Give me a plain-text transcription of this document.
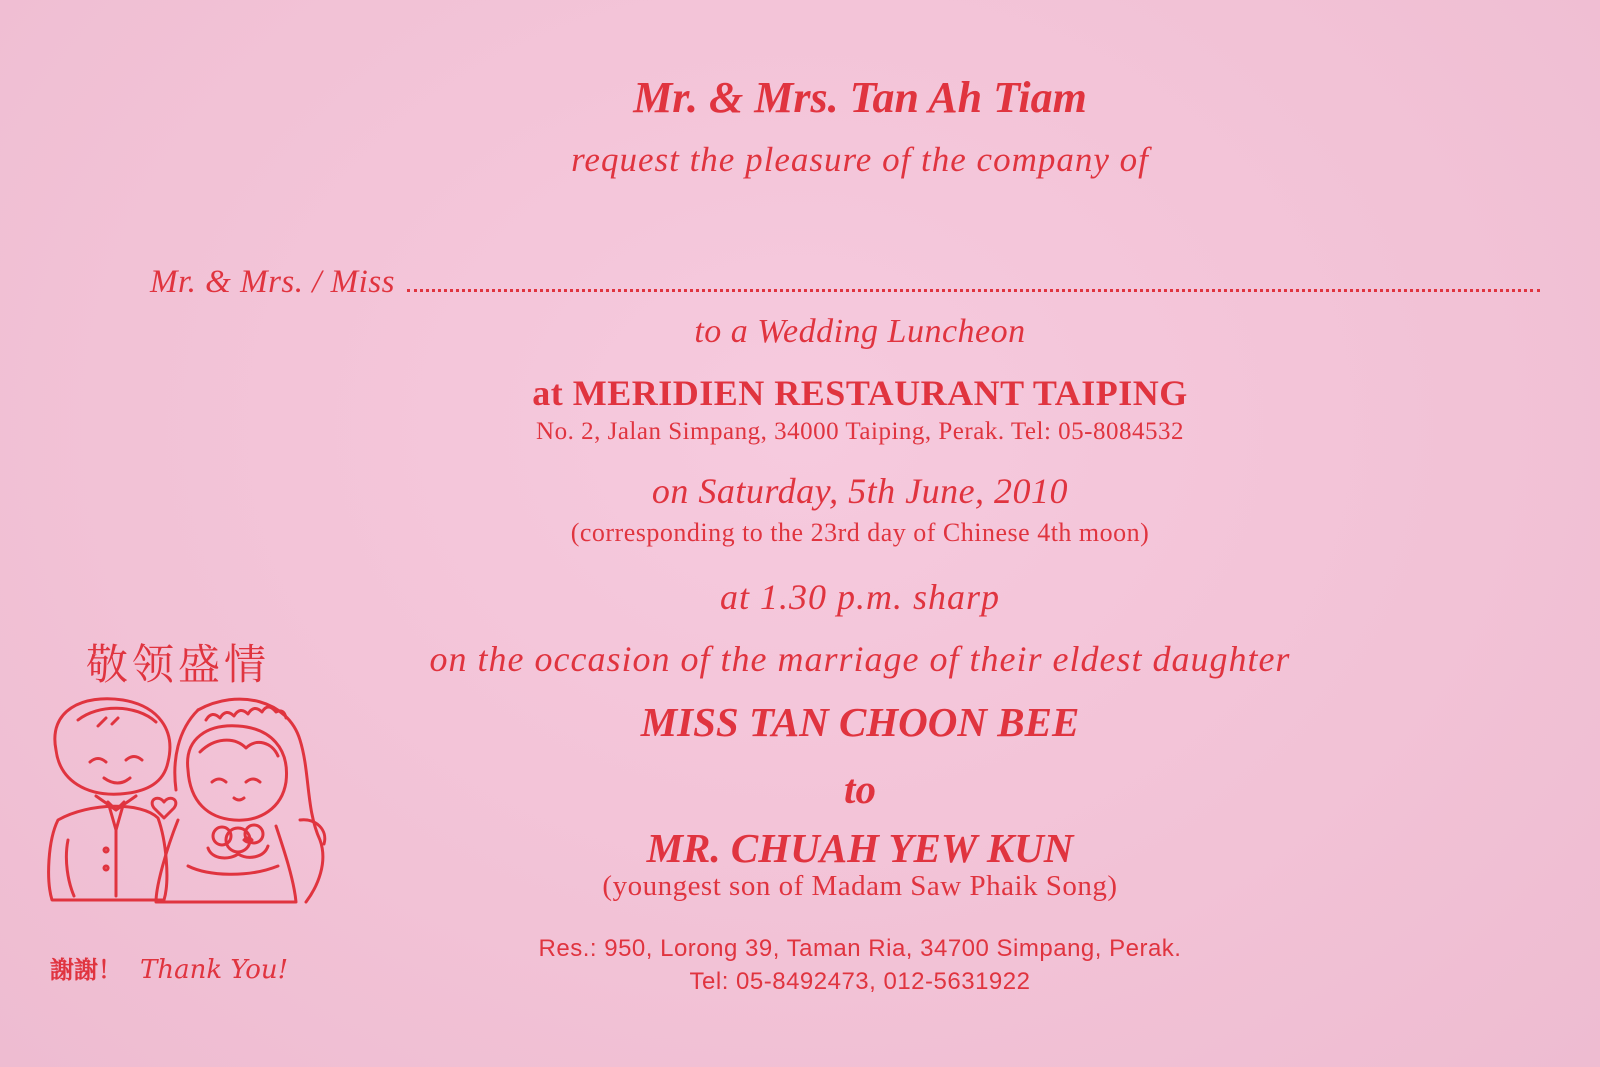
Mr. & Mrs. Tan Ah Tiam
request the pleasure of the company of
Mr. & Mrs. / Miss
to a Wedding Luncheon
at MERIDIEN RESTAURANT TAIPING
No. 2, Jalan Simpang, 34000 Taiping, Perak. Tel: 05-8084532
on Saturday, 5th June, 2010
(corresponding to the 23rd day of Chinese 4th moon)
at 1.30 p.m. sharp
on the occasion of the marriage of their eldest daughter
MISS TAN CHOON BEE
to
MR. CHUAH YEW KUN
(youngest son of Madam Saw Phaik Song)
Res.: 950, Lorong 39, Taman Ria, 34700 Simpang, Perak.
Tel: 05-8492473, 012-5631922
敬领盛情
謝謝！ Thank You!
